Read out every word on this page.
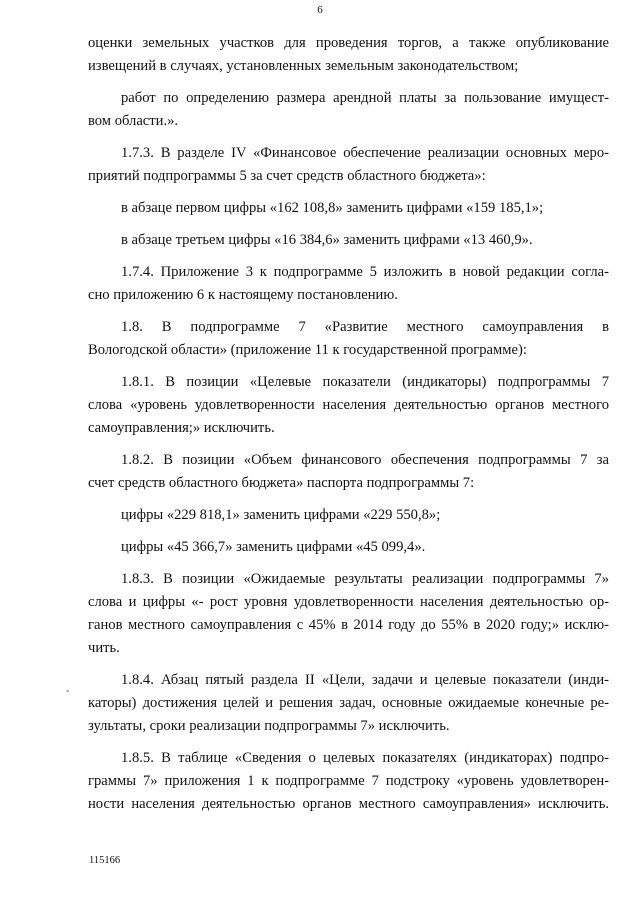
6
оценки земельных участков для проведения торгов, а также опубликование
извещений в случаях, установленных земельным законодательством;
работ по определению размера арендной платы за пользование имущест-
вом области.».
1.7.3. В разделе IV «Финансовое обеспечение реализации основных меро-
приятий подпрограммы 5 за счет средств областного бюджета»:
в абзаце первом цифры «162 108,8» заменить цифрами «159 185,1»;
в абзаце третьем цифры «16 384,6» заменить цифрами «13 460,9».
1.7.4. Приложение 3 к подпрограмме 5 изложить в новой редакции согла-
сно приложению 6 к настоящему постановлению.
1.8. В подпрограмме 7 «Развитие местного самоуправления в
Вологодской области» (приложение 11 к государственной программе):
1.8.1. В позиции «Целевые показатели (индикаторы) подпрограммы 7
слова «уровень удовлетворенности населения деятельностью органов местного
самоуправления;» исключить.
1.8.2. В позиции «Объем финансового обеспечения подпрограммы 7 за
счет средств областного бюджета» паспорта подпрограммы 7:
цифры «229 818,1» заменить цифрами «229 550,8»;
цифры «45 366,7» заменить цифрами «45 099,4».
1.8.3. В позиции «Ожидаемые результаты реализации подпрограммы 7»
слова и цифры «- рост уровня удовлетворенности населения деятельностью ор-
ганов местного самоуправления с 45% в 2014 году до 55% в 2020 году;» исклю-
чить.
1.8.4. Абзац пятый раздела II «Цели, задачи и целевые показатели (инди-
каторы) достижения целей и решения задач, основные ожидаемые конечные ре-
зультаты, сроки реализации подпрограммы 7» исключить.
1.8.5. В таблице «Сведения о целевых показателях (индикаторах) подпро-
граммы 7» приложения 1 к подпрограмме 7 подстроку «уровень удовлетворен-
ности населения деятельностью органов местного самоуправления» исключить.
115166
